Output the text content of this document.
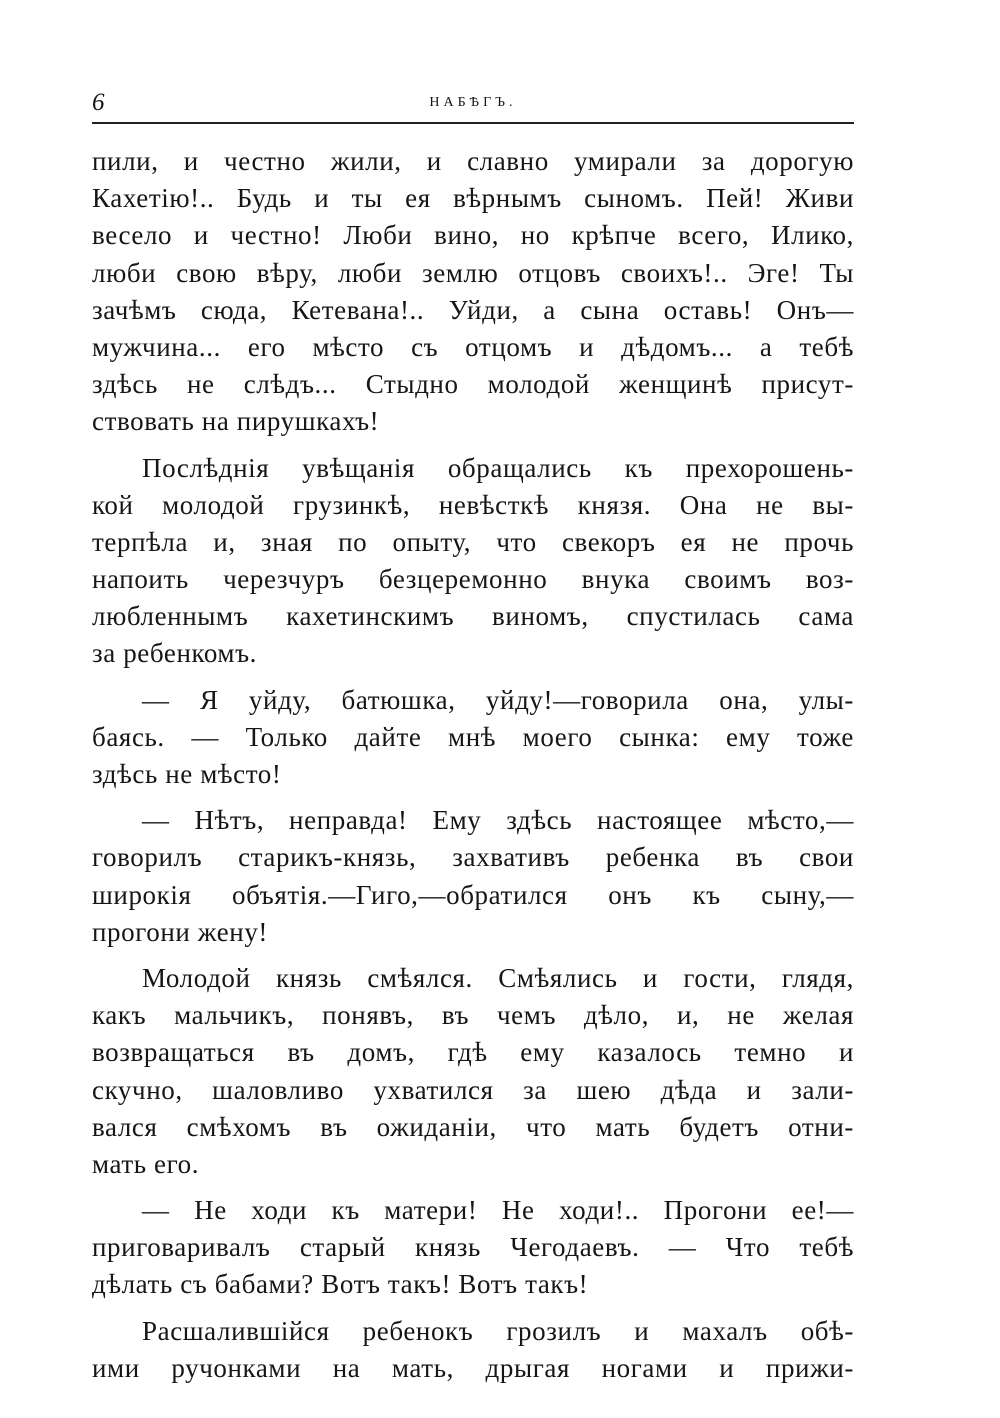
6	НАБѢГЪ.
пили, и честно жили, и славно умирали за дорогую
Кахетію!.. Будь и ты ея вѣрнымъ сыномъ. Пей! Живи
весело и честно! Люби вино, но крѣпче всего, Илико,
люби свою вѣру, люби землю отцовъ своихъ!.. Эге! Ты
зачѣмъ сюда, Кетевана!.. Уйди, а сына оставь! Онъ—
мужчина... его мѣсто съ отцомъ и дѣдомъ... а тебѣ
здѣсь не слѣдъ... Стыдно молодой женщинѣ присут-
ствовать на пирушкахъ!
Послѣднія увѣщанія обращались къ прехорошень-
кой молодой грузинкѣ, невѣсткѣ князя. Она не вы-
терпѣла и, зная по опыту, что свекоръ ея не прочь
напоить черезчуръ безцеремонно внука своимъ воз-
любленнымъ кахетинскимъ виномъ, спустилась сама
за ребенкомъ.
— Я уйду, батюшка, уйду!—говорила она, улы-
баясь. — Только дайте мнѣ моего сынка: ему тоже
здѣсь не мѣсто!
— Нѣтъ, неправда! Ему здѣсь настоящее мѣсто,—
говорилъ старикъ-князь, захвативъ ребенка въ свои
широкія объятія.—Гиго,—обратился онъ къ сыну,—
прогони жену!
Молодой князь смѣялся. Смѣялись и гости, глядя,
какъ мальчикъ, понявъ, въ чемъ дѣло, и, не желая
возвращаться въ домъ, гдѣ ему казалось темно и
скучно, шаловливо ухватился за шею дѣда и зали-
вался смѣхомъ въ ожиданіи, что мать будетъ отни-
мать его.
— Не ходи къ матери! Не ходи!.. Прогони ее!—
приговаривалъ старый князь Чегодаевъ. — Что тебѣ
дѣлать съ бабами? Вотъ такъ! Вотъ такъ!
Расшалившійся ребенокъ грозилъ и махалъ обѣ-
ими ручонками на мать, дрыгая ногами и прижи-
